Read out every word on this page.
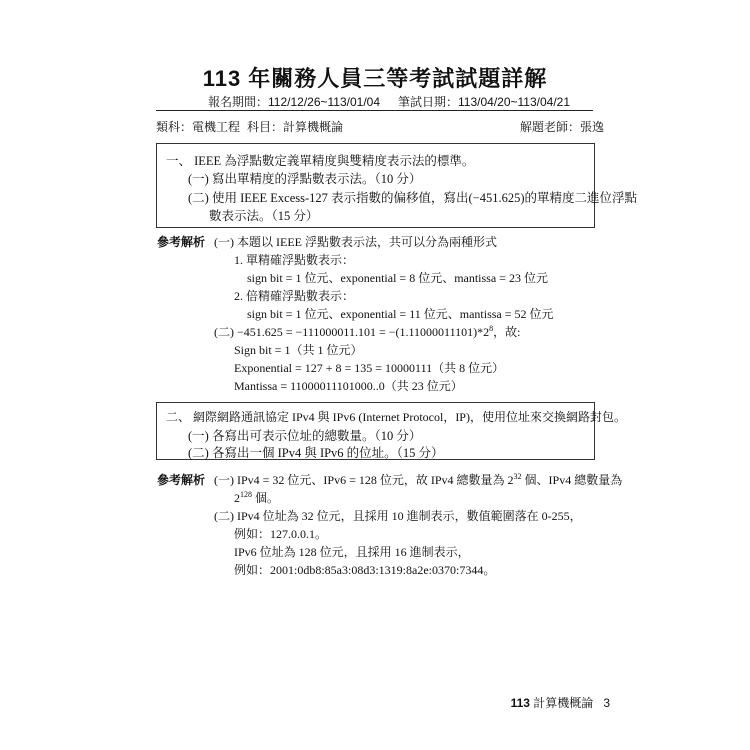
113 年關務人員三等考試試題詳解
報名期間：112/12/26~113/01/04 筆試日期：113/04/20~113/04/21
類科：電機工程 科目：計算機概論	解題老師：張逸
一、 IEEE 為浮點數定義單精度與雙精度表示法的標準。
(一) 寫出單精度的浮點數表示法。（10 分）
(二) 使用 IEEE Excess-127 表示指數的偏移值，寫出(−451.625)的單精度二進位浮點
數表示法。（15 分）
參考解析 (一) 本題以 IEEE 浮點數表示法，共可以分為兩種形式
1. 單精確浮點數表示：
sign bit = 1 位元、exponential = 8 位元、mantissa = 23 位元
2. 倍精確浮點數表示：
sign bit = 1 位元、exponential = 11 位元、mantissa = 52 位元
(二) $-451.625 = -111000011.101 = -(1.11000011101)*2^8$，故:
Sign bit = 1（共 1 位元）
Exponential = 127 + 8 = 135 = 10000111（共 8 位元）
Mantissa = 11000011101000..0（共 23 位元）
二、 網際網路通訊協定 IPv4 與 IPv6 (Internet Protocol，IP)，使用位址來交換網路封包。
(一) 各寫出可表示位址的總數量。（10 分）
(二) 各寫出一個 IPv4 與 IPv6 的位址。（15 分）
參考解析 (一) IPv4 = 32 位元、IPv6 = 128 位元，故 IPv4 總數量為 $2^{32}$ 個、IPv4 總數量為
$2^{128}$ 個。
(二) IPv4 位址為 32 位元，且採用 10 進制表示，數值範圍落在 0-255，
例如：127.0.0.1。
IPv6 位址為 128 位元，且採用 16 進制表示，
例如：2001:0db8:85a3:08d3:1319:8a2e:0370:7344。
113 計算機概論 3
